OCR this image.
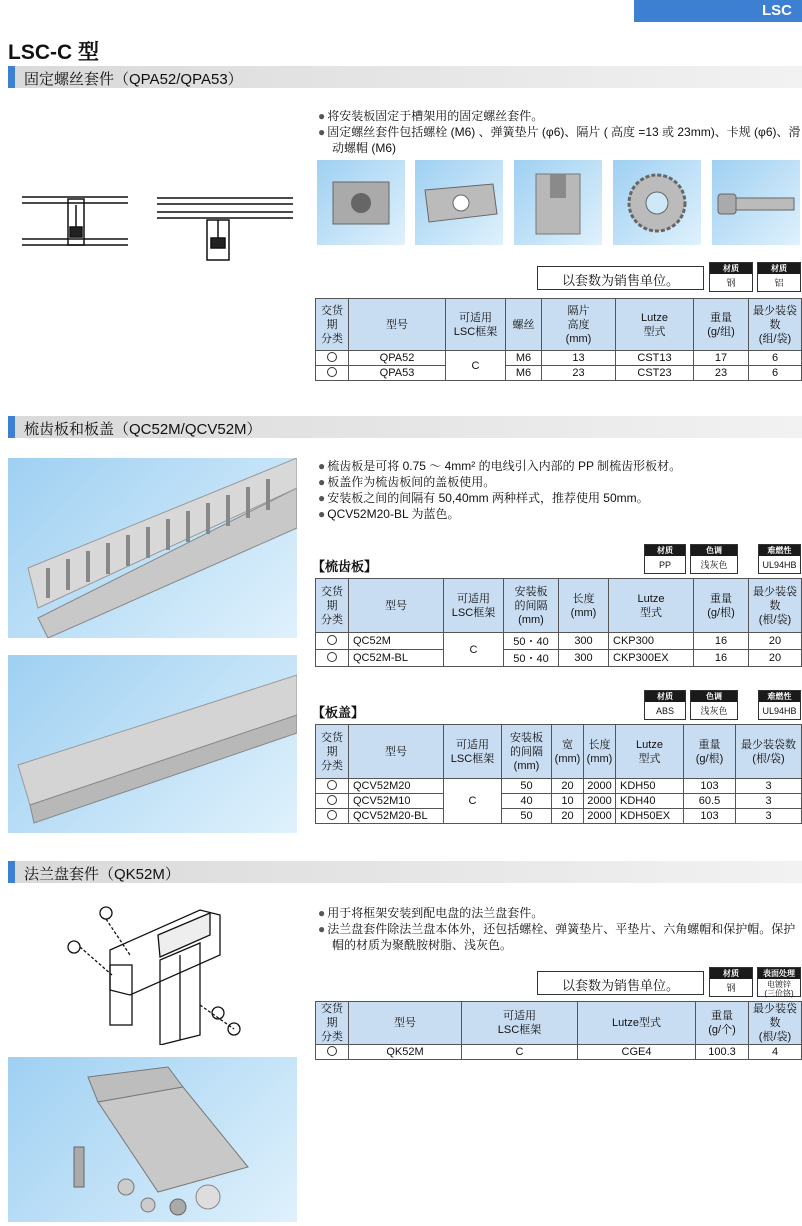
LSC
LSC-C 型
固定螺丝套件（QPA52/QPA53）
● 将安装板固定于槽架用的固定螺丝套件。
● 固定螺丝套件包括螺栓 (M6) 、弹簧垫片 (φ6)、隔片 ( 高度 =13 或 23mm)、卡规 (φ6)、滑动螺帽 (M6)
以套数为销售单位。
材质
钢
材质
铝
交货期
分类	型号	可适用
LSC框架	螺丝	隔片
高度
(mm)	Lutze
型式	重量
(g/组)	最少装袋数
(组/袋)
	QPA52	C	M6	13	CST13	17	6
	QPA53		M6	23	CST23	23	6
梳齿板和板盖（QC52M/QCV52M）
● 梳齿板是可将 0.75 ～ 4mm² 的电线引入内部的 PP 制梳齿形板材。
● 板盖作为梳齿板间的盖板使用。
● 安装板之间的间隔有 50,40mm 两种样式，推荐使用 50mm。
● QCV52M20-BL 为蓝色。
【梳齿板】
材质
PP
色调
浅灰色
难燃性
UL94HB
交货期
分类	型号	可适用
LSC框架	安装板
的间隔
(mm)	长度
(mm)	Lutze
型式	重量
(g/根)	最少装袋数
(根/袋)
	QC52M	C	50・40	300	CKP300	16	20
	QC52M-BL		50・40	300	CKP300EX	16	20
【板盖】
材质
ABS
色调
浅灰色
难燃性
UL94HB
交货期
分类	型号	可适用
LSC框架	安装板
的间隔
(mm)	宽
(mm)	长度
(mm)	Lutze
型式	重量
(g/根)	最少装袋数
(根/袋)
	QCV52M20	C	50	20	2000	KDH50	103	3
	QCV52M10		40	10	2000	KDH40	60.5	3
	QCV52M20-BL		50	20	2000	KDH50EX	103	3
法兰盘套件（QK52M）
● 用于将框架安装到配电盘的法兰盘套件。
● 法兰盘套件除法兰盘本体外，还包括螺栓、弹簧垫片、平垫片、六角螺帽和保护帽。保护帽的材质为聚酰胺树脂、浅灰色。
以套数为销售单位。
材质
钢
表面处理
电镀锌
(三价铬)
交货期
分类	型号	可适用
LSC框架	Lutze型式	重量
(g/个)	最少装袋数
(根/袋)
	QK52M	C	CGE4	100.3	4
